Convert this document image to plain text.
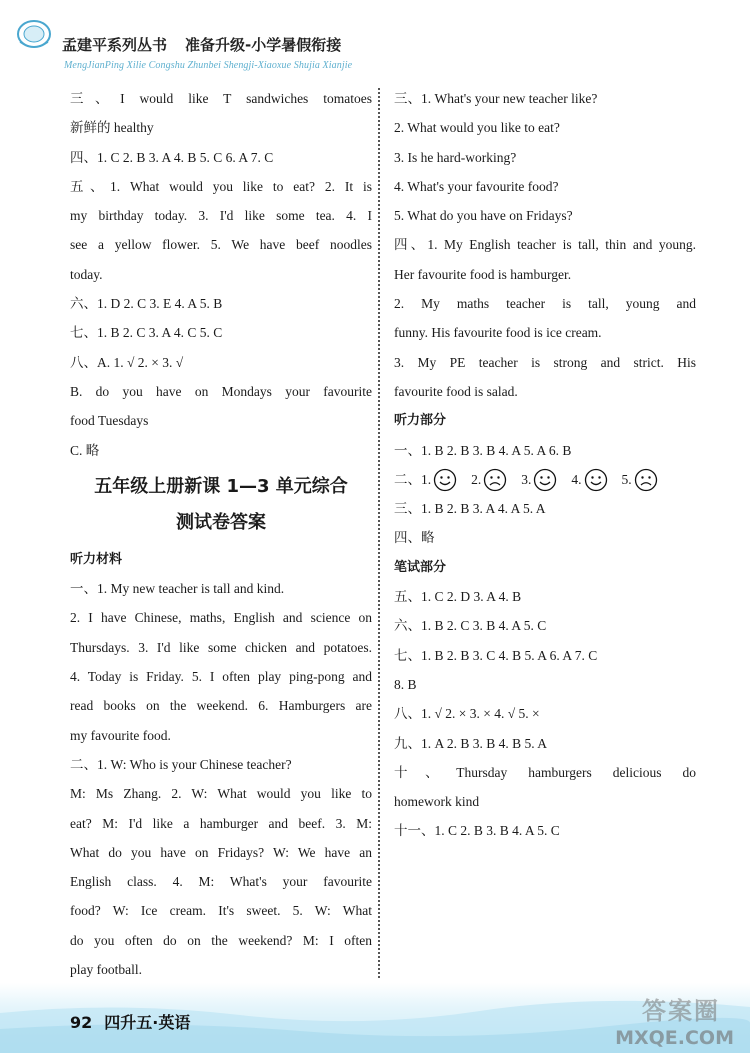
孟建平系列丛书 准备升级-小学暑假衔接
MengJianPing Xilie Congshu Zhunbei Shengji-Xiaoxue Shujia Xianjie
三、I would like T sandwiches tomatoes
新鲜的 healthy
四、1. C 2. B 3. A 4. B 5. C 6. A 7. C
五、1. What would you like to eat? 2. It is
my birthday today. 3. I'd like some tea. 4. I
see a yellow flower. 5. We have beef noodles
today.
六、1. D 2. C 3. E 4. A 5. B
七、1. B 2. C 3. A 4. C 5. C
八、A. 1. √ 2. × 3. √
B. do you have on Mondays your favourite
food Tuesdays
C. 略
五年级上册新课 1—3 单元综合
测试卷答案
听力材料
一、1. My new teacher is tall and kind.
2. I have Chinese, maths, English and science on
Thursdays. 3. I'd like some chicken and potatoes.
4. Today is Friday. 5. I often play ping-pong and
read books on the weekend. 6. Hamburgers are
my favourite food.
二、1. W: Who is your Chinese teacher?
M: Ms Zhang. 2. W: What would you like to
eat? M: I'd like a hamburger and beef. 3. M:
What do you have on Fridays? W: We have an
English class. 4. M: What's your favourite
food? W: Ice cream. It's sweet. 5. W: What
do you often do on the weekend? M: I often
play football.
三、1. What's your new teacher like?
2. What would you like to eat?
3. Is he hard-working?
4. What's your favourite food?
5. What do you have on Fridays?
四、1. My English teacher is tall, thin and young.
Her favourite food is hamburger.
2. My maths teacher is tall, young and
funny. His favourite food is ice cream.
3. My PE teacher is strong and strict. His
favourite food is salad.
听力部分
一、1. B 2. B 3. B 4. A 5. A 6. B
二、 1.	2.	3.	4.	5.
三、1. B 2. B 3. A 4. A 5. A
四、略
笔试部分
五、1. C 2. D 3. A 4. B
六、1. B 2. C 3. B 4. A 5. C
七、1. B 2. B 3. C 4. B 5. A 6. A 7. C
8. B
八、1. √ 2. × 3. × 4. √ 5. ×
九、1. A 2. B 3. B 4. B 5. A
十、Thursday hamburgers delicious do
homework kind
十一、1. C 2. B 3. B 4. A 5. C
92 四升五·英语	答案圈
MXQE.COM
